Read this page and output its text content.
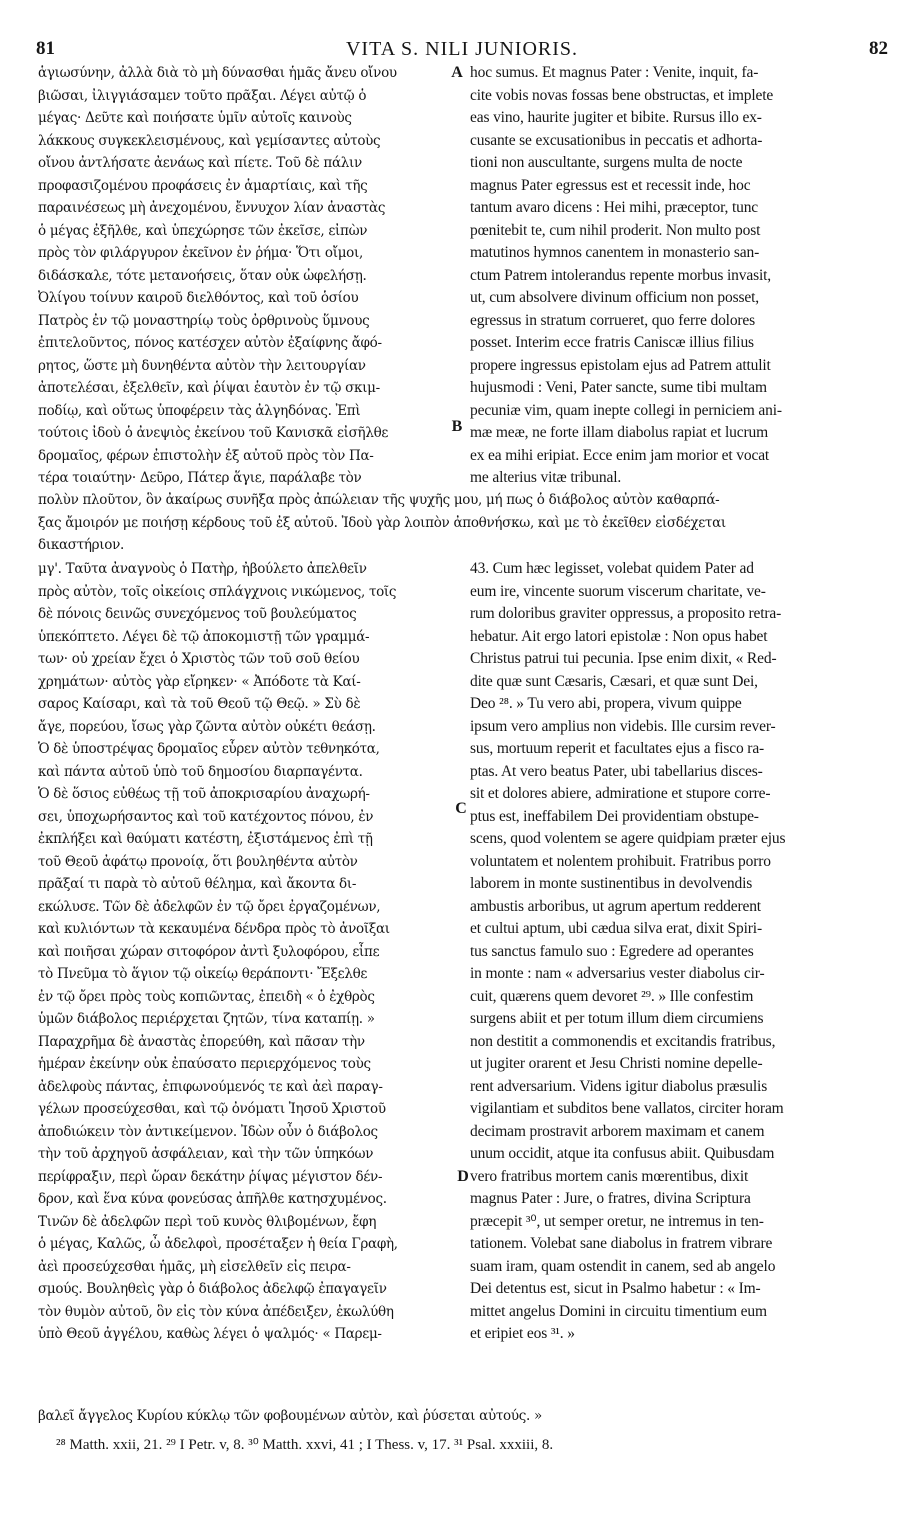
81	VITA S. NILI JUNIORIS.	82
ἁγιωσύνην, ἀλλὰ διὰ τὸ μὴ δύνασθαι ἡμᾶς ἄνευ οἴνου
βιῶσαι, ἰλιγγιάσαμεν τοῦτο πρᾶξαι. Λέγει αὐτῷ ὁ
μέγας· Δεῦτε καὶ ποιήσατε ὑμῖν αὐτοῖς καινοὺς
λάκκους συγκεκλεισμένους, καὶ γεμίσαντες αὐτοὺς
οἴνου ἀντλήσατε ἀενάως καὶ πίετε. Τοῦ δὲ πάλιν
προφασιζομένου προφάσεις ἐν ἁμαρτίαις, καὶ τῆς
παραινέσεως μὴ ἀνεχομένου, ἔννυχον λίαν ἀναστὰς
ὁ μέγας ἐξῆλθε, καὶ ὑπεχώρησε τῶν ἐκεῖσε, εἰπὼν
πρὸς τὸν φιλάργυρον ἐκεῖνον ἐν ῥήμα· Ὅτι οἴμοι,
διδάσκαλε, τότε μετανοήσεις, ὅταν οὐκ ὠφελήσῃ.
Ὀλίγου τοίνυν καιροῦ διελθόντος, καὶ τοῦ ὁσίου
Πατρὸς ἐν τῷ μοναστηρίῳ τοὺς ὀρθρινοὺς ὕμνους
ἐπιτελοῦντος, πόνος κατέσχεν αὐτὸν ἐξαίφνης ἄφό-
ρητος, ὥστε μὴ δυνηθέντα αὐτὸν τὴν λειτουργίαν
ἀποτελέσαι, ἐξελθεῖν, καὶ ῥίψαι ἑαυτὸν ἐν τῷ σκιμ-
ποδίῳ, καὶ οὕτως ὑποφέρειν τὰς ἀλγηδόνας. Ἐπὶ
τούτοις ἰδοὺ ὁ ἀνεψιὸς ἐκείνου τοῦ Κανισκᾶ εἰσῆλθε
δρομαῖος, φέρων ἐπιστολὴν ἐξ αὐτοῦ πρὸς τὸν Πα-
τέρα τοιαύτην· Δεῦρο, Πάτερ ἅγιε, παράλαβε τὸν
hoc sumus. Et magnus Pater : Venite, inquit, fa-
cite vobis novas fossas bene obstructas, et implete
eas vino, haurite jugiter et bibite. Rursus illo ex-
cusante se excusationibus in peccatis et adhorta-
tioni non auscultante, surgens multa de nocte
magnus Pater egressus est et recessit inde, hoc
tantum avaro dicens : Hei mihi, præceptor, tunc
pœnitebit te, cum nihil proderit. Non multo post
matutinos hymnos canentem in monasterio san-
ctum Patrem intolerandus repente morbus invasit,
ut, cum absolvere divinum officium non posset,
egressus in stratum corrueret, quo ferre dolores
posset. Interim ecce fratris Caniscæ illius filius
propere ingressus epistolam ejus ad Patrem attulit
hujusmodi : Veni, Pater sancte, sume tibi multam
pecuniæ vim, quam inepte collegi in perniciem ani-
mæ meæ, ne forte illam diabolus rapiat et lucrum
ex ea mihi eripiat. Ecce enim jam morior et vocat
me alterius vitæ tribunal.
πολὺν πλοῦτον, ὃν ἀκαίρως συνῆξα πρὸς ἀπώλειαν τῆς ψυχῆς μου, μή πως ὁ διάβολος αὐτὸν καθαρπά-
ξας ἄμοιρόν με ποιήσῃ κέρδους τοῦ ἐξ αὐτοῦ. Ἰδοὺ γὰρ λοιπὸν ἀποθνήσκω, καὶ με τὸ ἐκεῖθεν εἰσδέχεται
δικαστήριον.
μγ'. Ταῦτα ἀναγνοὺς ὁ Πατὴρ, ἠβούλετο ἀπελθεῖν
πρὸς αὐτὸν, τοῖς οἰκείοις σπλάγχνοις νικώμενος, τοῖς
δὲ πόνοις δεινῶς συνεχόμενος τοῦ βουλεύματος
ὑπεκόπτετο. Λέγει δὲ τῷ ἀποκομιστῇ τῶν γραμμά-
των· οὐ χρείαν ἔχει ὁ Χριστὸς τῶν τοῦ σοῦ θείου
χρημάτων· αὐτὸς γὰρ εἴρηκεν· « Ἀπόδοτε τὰ Καί-
σαρος Καίσαρι, καὶ τὰ τοῦ Θεοῦ τῷ Θεῷ. » Σὺ δὲ
ἄγε, πορεύου, ἴσως γὰρ ζῶντα αὐτὸν οὐκέτι θεάσῃ.
Ὁ δὲ ὑποστρέψας δρομαῖος εὗρεν αὐτὸν τεθνηκότα,
καὶ πάντα αὐτοῦ ὑπὸ τοῦ δημοσίου διαρπαγέντα.
Ὁ δὲ ὅσιος εὐθέως τῇ τοῦ ἀποκρισαρίου ἀναχωρή-
σει, ὑποχωρήσαντος καὶ τοῦ κατέχοντος πόνου, ἐν
ἐκπλήξει καὶ θαύματι κατέστη, ἐξιστάμενος ἐπὶ τῇ
τοῦ Θεοῦ ἀφάτῳ προνοίᾳ, ὅτι βουληθέντα αὐτὸν
πρᾶξαί τι παρὰ τὸ αὐτοῦ θέλημα, καὶ ἄκοντα δι-
εκώλυσε. Τῶν δὲ ἀδελφῶν ἐν τῷ ὄρει ἐργαζομένων,
καὶ κυλιόντων τὰ κεκαυμένα δένδρα πρὸς τὸ ἀνοῖξαι
καὶ ποιῆσαι χώραν σιτοφόρον ἀντὶ ξυλοφόρου, εἶπε
τὸ Πνεῦμα τὸ ἅγιον τῷ οἰκείῳ θεράποντι· Ἔξελθε
ἐν τῷ ὄρει πρὸς τοὺς κοπιῶντας, ἐπειδὴ « ὁ ἐχθρὸς
ὑμῶν διάβολος περιέρχεται ζητῶν, τίνα καταπίῃ. »
Παραχρῆμα δὲ ἀναστὰς ἐπορεύθη, καὶ πᾶσαν τὴν
ἡμέραν ἐκείνην οὐκ ἐπαύσατο περιερχόμενος τοὺς
ἀδελφοὺς πάντας, ἐπιφωνούμενός τε καὶ ἀεὶ παραγ-
γέλων προσεύχεσθαι, καὶ τῷ ὀνόματι Ἰησοῦ Χριστοῦ
ἀποδιώκειν τὸν ἀντικείμενον. Ἰδὼν οὖν ὁ διάβολος
τὴν τοῦ ἀρχηγοῦ ἀσφάλειαν, καὶ τὴν τῶν ὑπηκόων
περίφραξιν, περὶ ὥραν δεκάτην ῥίψας μέγιστον δέν-
δρον, καὶ ἕνα κύνα φονεύσας ἀπῆλθε κατησχυμένος.
Τινῶν δὲ ἀδελφῶν περὶ τοῦ κυνὸς θλιβομένων, ἔφη
ὁ μέγας, Καλῶς, ὦ ἀδελφοὶ, προσέταξεν ἡ θεία Γραφὴ,
ἀεὶ προσεύχεσθαι ἡμᾶς, μὴ εἰσελθεῖν εἰς πειρα-
σμούς. Βουληθεὶς γὰρ ὁ διάβολος ἀδελφῷ ἐπαγαγεῖν
τὸν θυμὸν αὐτοῦ, ὃν εἰς τὸν κύνα ἀπέδειξεν, ἐκωλύθη
ὑπὸ Θεοῦ ἀγγέλου, καθὼς λέγει ὁ ψαλμός· « Παρεμ-
43. Cum hæc legisset, volebat quidem Pater ad
eum ire, vincente suorum viscerum charitate, ve-
rum doloribus graviter oppressus, a proposito retra-
hebatur. Ait ergo latori epistolæ : Non opus habet
Christus patrui tui pecunia. Ipse enim dixit, « Red-
dite quæ sunt Cæsaris, Cæsari, et quæ sunt Dei,
Deo ²⁸. » Tu vero abi, propera, vivum quippe
ipsum vero amplius non videbis. Ille cursim rever-
sus, mortuum reperit et facultates ejus a fisco ra-
ptas. At vero beatus Pater, ubi tabellarius disces-
sit et dolores abiere, admiratione et stupore corre-
ptus est, ineffabilem Dei providentiam obstupe-
scens, quod volentem se agere quidpiam præter ejus
voluntatem et nolentem prohibuit. Fratribus porro
laborem in monte sustinentibus in devolvendis
ambustis arboribus, ut agrum apertum redderent
et cultui aptum, ubi cædua silva erat, dixit Spiri-
tus sanctus famulo suo : Egredere ad operantes
in monte : nam « adversarius vester diabolus cir-
cuit, quærens quem devoret ²⁹. » Ille confestim
surgens abiit et per totum illum diem circumiens
non destitit a commonendis et excitandis fratribus,
ut jugiter orarent et Jesu Christi nomine depelle-
rent adversarium. Videns igitur diabolus præsulis
vigilantiam et subditos bene vallatos, circiter horam
decimam prostravit arborem maximam et canem
unum occidit, atque ita confusus abiit. Quibusdam
vero fratribus mortem canis mœrentibus, dixit
magnus Pater : Jure, o fratres, divina Scriptura
præcepit ³⁰, ut semper oretur, ne intremus in ten-
tationem. Volebat sane diabolus in fratrem vibrare
suam iram, quam ostendit in canem, sed ab angelo
Dei detentus est, sicut in Psalmo habetur : « Im-
mittet angelus Domini in circuitu timentium eum
et eripiet eos ³¹. »
βαλεῖ ἄγγελος Κυρίου κύκλῳ τῶν φοβουμένων αὐτὸν, καὶ ῥύσεται αὐτούς. »
A
B
C
D
²⁸ Matth. xxii, 21. ²⁹ I Petr. v, 8. ³⁰ Matth. xxvi, 41 ; I Thess. v, 17. ³¹ Psal. xxxiii, 8.
